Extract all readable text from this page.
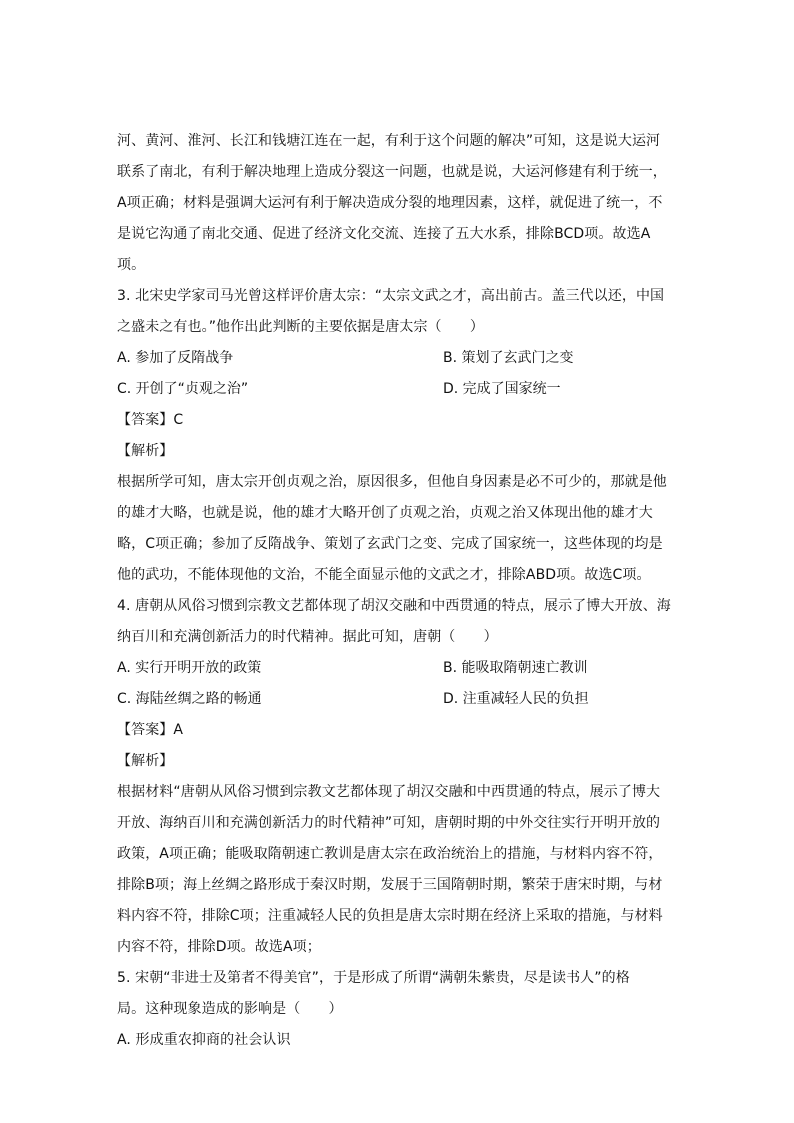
河、黄河、淮河、长江和钱塘江连在一起，有利于这个问题的解决”可知，这是说大运河
联系了南北，有利于解决地理上造成分裂这一问题，也就是说，大运河修建有利于统一，
A项正确；材料是强调大运河有利于解决造成分裂的地理因素，这样，就促进了统一，不
是说它沟通了南北交通、促进了经济文化交流、连接了五大水系，排除BCD项。故选A
项。
3. 北宋史学家司马光曾这样评价唐太宗：“太宗文武之才，高出前古。盖三代以还，中国
之盛未之有也。”他作出此判断的主要依据是唐太宗（　　）
A. 参加了反隋战争	B. 策划了玄武门之变
C. 开创了“贞观之治”	D. 完成了国家统一
【答案】C
【解析】
根据所学可知，唐太宗开创贞观之治，原因很多，但他自身因素是必不可少的，那就是他
的雄才大略，也就是说，他的雄才大略开创了贞观之治，贞观之治又体现出他的雄才大
略，C项正确；参加了反隋战争、策划了玄武门之变、完成了国家统一，这些体现的均是
他的武功，不能体现他的文治，不能全面显示他的文武之才，排除ABD项。故选C项。
4. 唐朝从风俗习惯到宗教文艺都体现了胡汉交融和中西贯通的特点，展示了博大开放、海
纳百川和充满创新活力的时代精神。据此可知，唐朝（　　）
A. 实行开明开放的政策	B. 能吸取隋朝速亡教训
C. 海陆丝绸之路的畅通	D. 注重减轻人民的负担
【答案】A
【解析】
根据材料“唐朝从风俗习惯到宗教文艺都体现了胡汉交融和中西贯通的特点，展示了博大
开放、海纳百川和充满创新活力的时代精神”可知，唐朝时期的中外交往实行开明开放的
政策，A项正确；能吸取隋朝速亡教训是唐太宗在政治统治上的措施，与材料内容不符，
排除B项；海上丝绸之路形成于秦汉时期，发展于三国隋朝时期，繁荣于唐宋时期，与材
料内容不符，排除C项；注重减轻人民的负担是唐太宗时期在经济上采取的措施，与材料
内容不符，排除D项。故选A项；
5. 宋朝“非进士及第者不得美官”，于是形成了所谓“满朝朱紫贵，尽是读书人”的格
局。这种现象造成的影响是（　　）
A. 形成重农抑商的社会认识
